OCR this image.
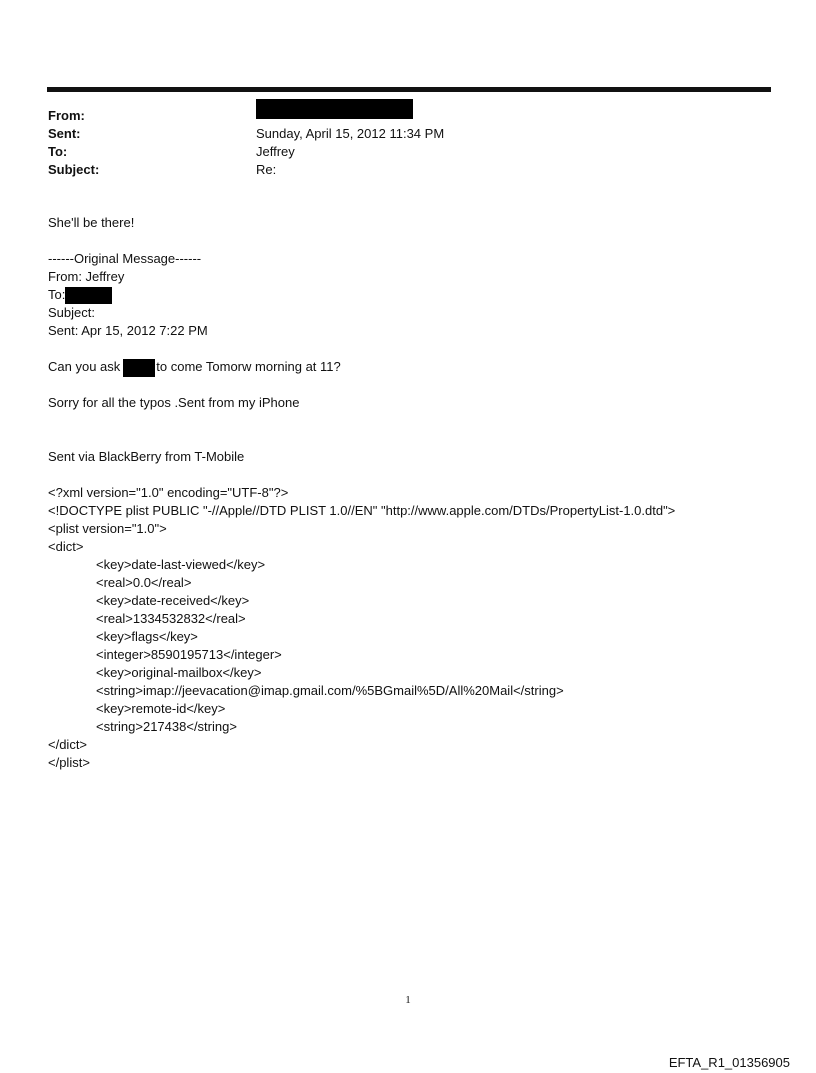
From:
Sent:	Sunday, April 15, 2012 11:34 PM
To:	Jeffrey
Subject:	Re:
She'll be there!
------Original Message------
From: Jeffrey
To:
Subject:
Sent: Apr 15, 2012 7:22 PM
Can you ask	to come Tomorw morning at 11?
Sorry for all the typos .Sent from my iPhone
Sent via BlackBerry from T-Mobile
<?xml version="1.0" encoding="UTF-8"?>
<!DOCTYPE plist PUBLIC "-//Apple//DTD PLIST 1.0//EN" "http://www.apple.com/DTDs/PropertyList-1.0.dtd">
<plist version="1.0">
<dict>
<key>date-last-viewed</key>
<real>0.0</real>
<key>date-received</key>
<real>1334532832</real>
<key>flags</key>
<integer>8590195713</integer>
<key>original-mailbox</key>
<string>imap://jeevacation@imap.gmail.com/%5BGmail%5D/All%20Mail</string>
<key>remote-id</key>
<string>217438</string>
</dict>
</plist>
1
EFTA_R1_01356905
